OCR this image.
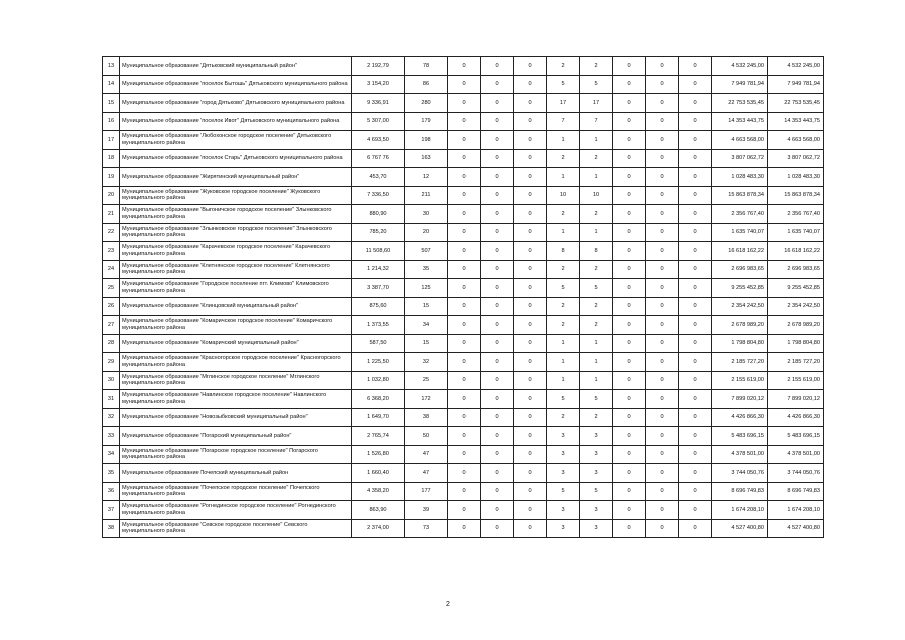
13	Муниципальное образование "Дятьковский муниципальный район"	2 192,79	78	0	0	0	2	2	0	0	0	4 532 245,00	4 532 245,00
14	Муниципальное образование "поселок Бытошь" Дятьковского муниципального района	3 154,20	86	0	0	0	5	5	0	0	0	7 949 781,94	7 949 781,94
15	Муниципальное образование "город Дятьково" Дятьковского муниципального района	9 336,91	280	0	0	0	17	17	0	0	0	22 753 535,45	22 753 535,45
16	Муниципальное образование "поселок Ивот" Дятьковского муниципального района	5 307,00	179	0	0	0	7	7	0	0	0	14 353 443,75	14 353 443,75
17	Муниципальное образование "Любохонское городское поселение" Дятьковского муниципального района	4 693,50	198	0	0	0	1	1	0	0	0	4 663 568,00	4 663 568,00
18	Муниципальное образование "поселок Старь" Дятьковского муниципального района	6 767 76	163	0	0	0	2	2	0	0	0	3 807 062,72	3 807 062,72
19	Муниципальное образование "Жирятинский муниципальный район"	453,70	12	0	0	0	1	1	0	0	0	1 028 483,30	1 028 483,30
20	Муниципальное образование "Жуковское городское поселение" Жуковского муниципального района	7 336,50	211	0	0	0	10	10	0	0	0	15 863 878,34	15 863 878,34
21	Муниципальное образование "Выгоничское городское поселение" Злынковского муниципального района	880,90	30	0	0	0	2	2	0	0	0	2 356 767,40	2 356 767,40
22	Муниципальное образование "Злынковское городское поселение" Злынковского муниципального района	785,20	20	0	0	0	1	1	0	0	0	1 635 740,07	1 635 740,07
23	Муниципальное образование "Карачевское городское поселение" Карачевского муниципального района	11 508,60	507	0	0	0	8	8	0	0	0	16 618 162,22	16 618 162,22
24	Муниципальное образование "Клетнянское городское поселение" Клетнянского муниципального района	1 214,32	35	0	0	0	2	2	0	0	0	2 696 983,65	2 696 983,65
25	Муниципальное образование "Городское поселение пгт. Климово" Климовского муниципального района	3 387,70	125	0	0	0	5	5	0	0	0	9 255 452,85	9 255 452,85
26	Муниципальное образование "Клинцовский муниципальный район"	875,60	15	0	0	0	2	2	0	0	0	2 354 242,50	2 354 242,50
27	Муниципальное образование "Комаричское городское поселение" Комаричского муниципального района	1 373,55	34	0	0	0	2	2	0	0	0	2 678 989,20	2 678 989,20
28	Муниципальное образование "Комаричский муниципальный район"	587,50	15	0	0	0	1	1	0	0	0	1 798 804,80	1 798 804,80
29	Муниципальное образование "Красногорское городское поселение" Красногорского муниципального района	1 225,50	32	0	0	0	1	1	0	0	0	2 185 727,20	2 185 727,20
30	Муниципальное образование "Мглинское городское поселение" Мглинского муниципального района	1 032,80	25	0	0	0	1	1	0	0	0	2 155 619,00	2 155 619,00
31	Муниципальное образование "Навлинское городское поселение" Навлинского муниципального района	6 368,20	172	0	0	0	5	5	0	0	0	7 899 020,12	7 899 020,12
32	Муниципальное образование "Новозыбковский муниципальный район"	1 649,70	38	0	0	0	2	2	0	0	0	4 426 866,30	4 426 866,30
33	Муниципальное образование "Погарский муниципальный район"	2 765,74	50	0	0	0	3	3	0	0	0	5 483 696,15	5 483 696,15
34	Муниципальное образование "Погарское городское поселение" Погарского муниципального района	1 526,80	47	0	0	0	3	3	0	0	0	4 378 501,00	4 378 501,00
35	Муниципальное образование Почепский муниципальный район	1 660,40	47	0	0	0	3	3	0	0	0	3 744 050,76	3 744 050,76
36	Муниципальное образование "Почепское городское поселение" Почепского муниципального района	4 358,20	177	0	0	0	5	5	0	0	0	8 696 749,83	8 696 749,83
37	Муниципальное образование "Рогнединское городское поселение" Рогнединского муниципального района	863,90	39	0	0	0	3	3	0	0	0	1 674 208,10	1 674 208,10
38	Муниципальное образование "Севское городское поселение" Севского муниципального района	2 374,00	73	0	0	0	3	3	0	0	0	4 527 400,80	4 527 400,80
2
